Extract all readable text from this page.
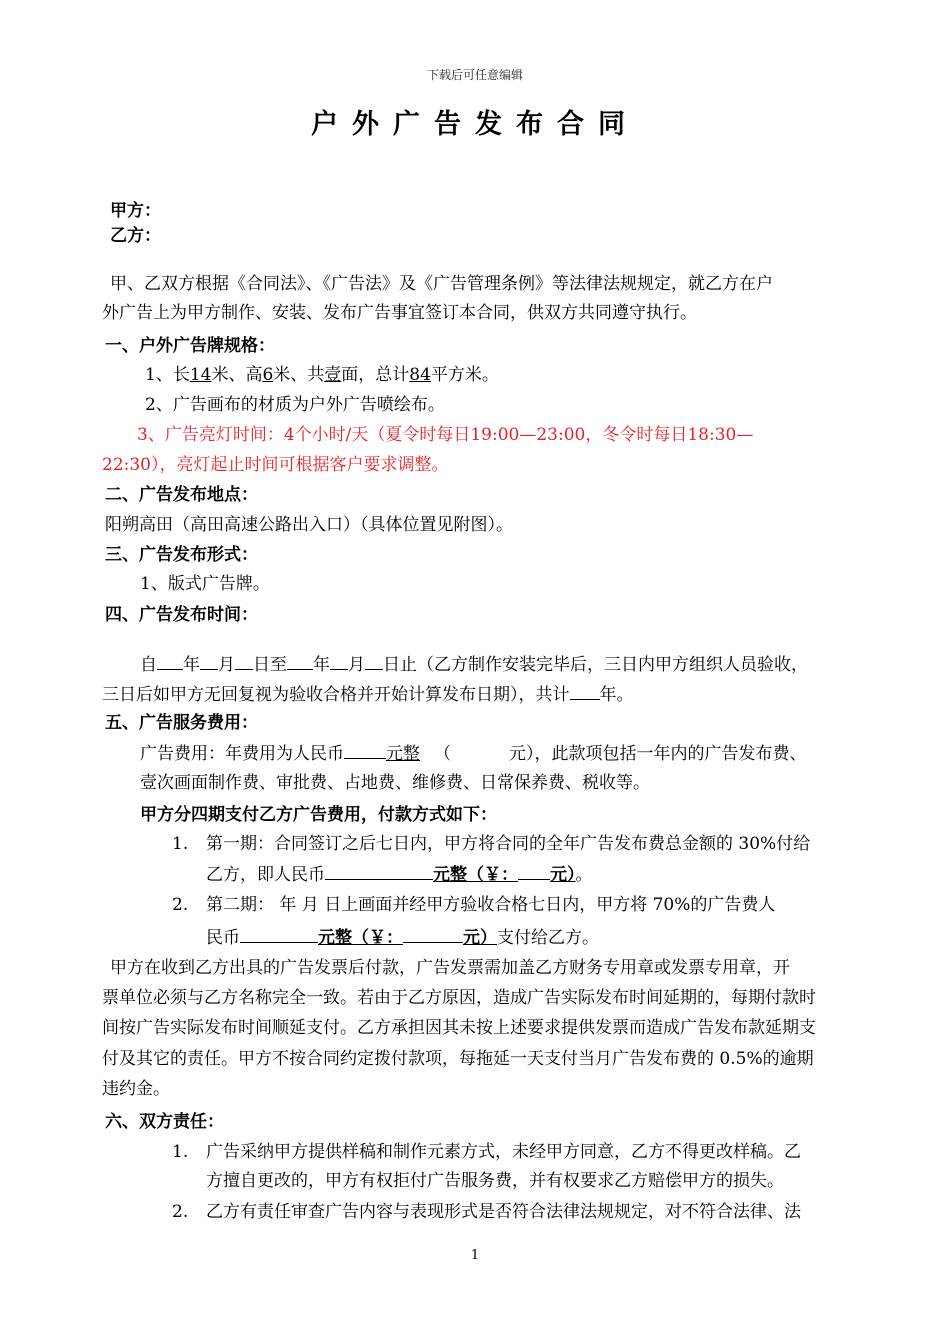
下载后可任意编辑
户外广告发布合同
甲方：
乙方：
甲、乙双方根据《合同法》、《广告法》及《广告管理条例》等法律法规规定，就乙方在户
外广告上为甲方制作、安装、发布广告事宜签订本合同，供双方共同遵守执行。
一、户外广告牌规格：
1、长14米、高6米、共壹面，总计84平方米。
2、广告画布的材质为户外广告喷绘布。
3、广告亮灯时间：4个小时/天（夏令时每日19:00—23:00，冬令时每日18:30—
22:30），亮灯起止时间可根据客户要求调整。
二、广告发布地点：
阳朔高田（高田高速公路出入口）（具体位置见附图）。
三、广告发布形式：
1、版式广告牌。
四、广告发布时间：
自 年 月 日至 年 月 日止（乙方制作安装完毕后，三日内甲方组织人员验收，
三日后如甲方无回复视为验收合格并开始计算发布日期），共计 年。
五、广告服务费用：
广告费用：年费用为人民币 元整 （	元），此款项包括一年内的广告发布费、
壹次画面制作费、审批费、占地费、维修费、日常保养费、税收等。
甲方分四期支付乙方广告费用，付款方式如下：
1. 第一期：合同签订之后七日内，甲方将合同的全年广告发布费总金额的 30%付给
乙方，即人民币	元整（￥： 元）。
2. 第二期： 年 月 日上画面并经甲方验收合格七日内，甲方将 70%的广告费人
民币	元整（￥：	元）支付给乙方。
甲方在收到乙方出具的广告发票后付款，广告发票需加盖乙方财务专用章或发票专用章，开
票单位必须与乙方名称完全一致。若由于乙方原因，造成广告实际发布时间延期的，每期付款时
间按广告实际发布时间顺延支付。乙方承担因其未按上述要求提供发票而造成广告发布款延期支
付及其它的责任。甲方不按合同约定拨付款项，每拖延一天支付当月广告发布费的 0.5%的逾期
违约金。
六、双方责任：
1. 广告采纳甲方提供样稿和制作元素方式，未经甲方同意，乙方不得更改样稿。乙
方擅自更改的，甲方有权拒付广告服务费，并有权要求乙方赔偿甲方的损失。
2. 乙方有责任审查广告内容与表现形式是否符合法律法规规定，对不符合法律、法
1
